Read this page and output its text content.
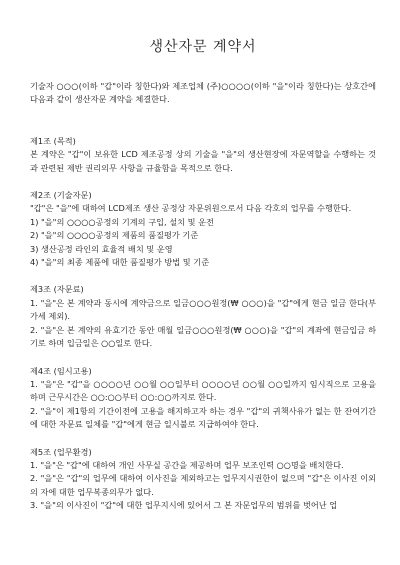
생산자문 계약서

기술자 ○○○(이하 "갑"이라 칭한다)와 제조업체 (주)○○○○(이하 "을"이라 칭한다)는 상호간에 다음과 같이 생산자문 계약을 체결한다.

제1조 (목적)

본 계약은 "갑"이 보유한 LCD 제조공정 상의 기술을 "을"의 생산현장에 자문역할을 수행하는 것과 관련된 제반 권리의무 사항을 규율함을 목적으로 한다.

제2조 (기술자문)

"갑"은 "을"에 대하여 LCD제조 생산 공정상 자문위원으로서 다음 각호의 업무를 수행한다.

1) "을"의 ○○○○공정의 기계의 구입, 설치 및 운전

2) "을"의 ○○○○공정의 제품의 품질평가 기준

3) 생산공정 라인의 효율적 배치 및 운영

4) "을"의 최종 제품에 대한 품질평가 방법 및 기준

제3조 (자문료)

1. "을"은 본 계약과 동시에 계약금으로 일금○○○원정(₩ ○○○)을 "갑"에게 현금 일금 한다(부가세 제외).

2. "을"은 본 계약의 유효기간 동안 매월 일금○○○원정(₩ ○○○)을 "갑"의 계좌에 현금입금 하기로 하며 입금일은 ○○일로 한다.

제4조 (임시고용)

1. "을"은 "갑"을 ○○○○년 ○○월 ○○일부터 ○○○○년 ○○월 ○○일까지 임시직으로 고용을 하며 근무시간은 ○○:○○부터 ○○:○○까지로 한다.

2. "을"이 제1항의 기간이전에 고용을 해지하고자 하는 경우 "갑"의 귀책사유가 없는 한 잔여기간에 대한 자문료 일체를 "갑"에게 현금 일시불로 지급하여야 한다.

제5조 (업무환경)

1. "을"은 "갑"에 대하여 개인 사무실 공간을 제공하며 업무 보조인력 ○○명을 배치한다.

2. "을"은 "갑"의 업무에 대하여 이사진을 제외하고는 업무지시권한이 없으며 "갑"은 이사진 이외의 자에 대한 업무복종의무가 없다.

3. "을"의 이사진이 "갑"에 대한 업무지시에 있어서 그 본 자문업무의 범위를 벗어난 업
